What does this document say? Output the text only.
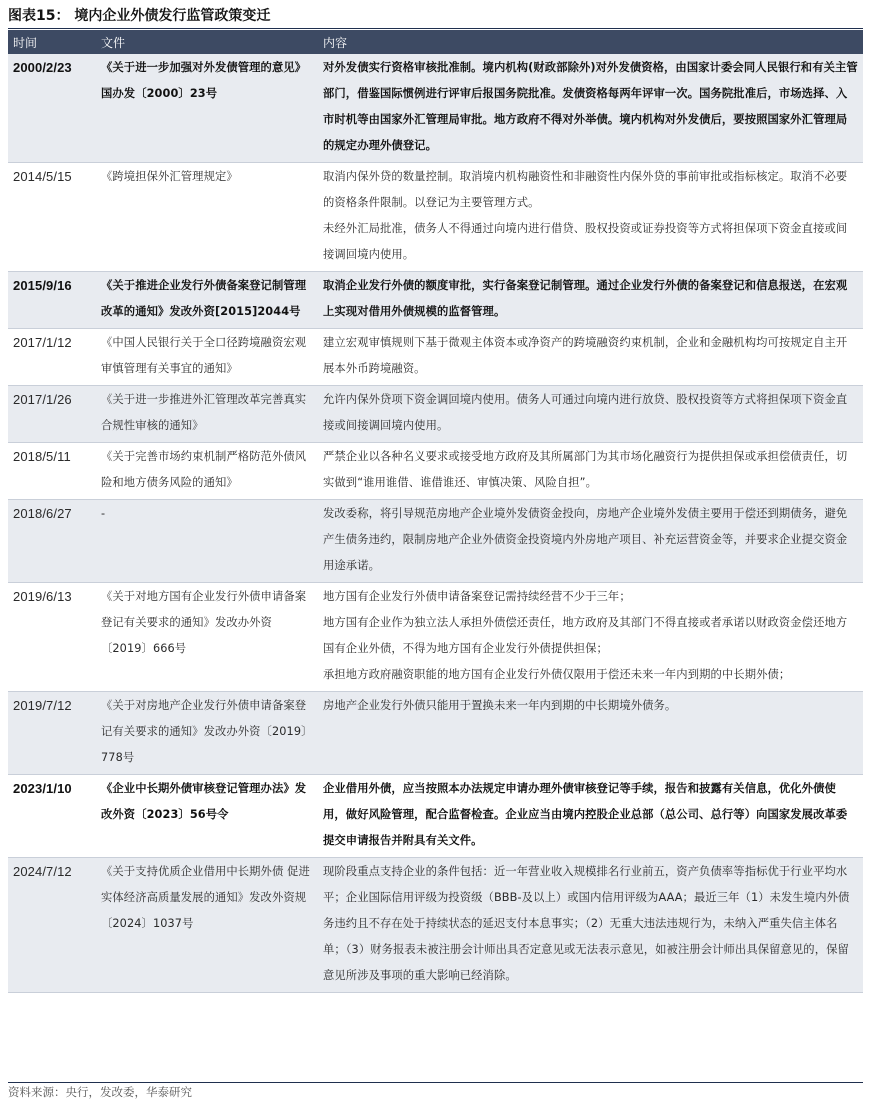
图表15： 境内企业外债发行监管政策变迁
时间	文件	内容
2000/2/23	《关于进一步加强对外发债管理的意见》国办发〔2000〕23号	对外发债实行资格审核批准制。境内机构(财政部除外)对外发债资格，由国家计委会同人民银行和有关主管部门，借鉴国际惯例进行评审后报国务院批准。发债资格每两年评审一次。国务院批准后，市场选择、入市时机等由国家外汇管理局审批。地方政府不得对外举债。境内机构对外发债后，要按照国家外汇管理局的规定办理外债登记。

2014/5/15	《跨境担保外汇管理规定》	取消内保外贷的数量控制。取消境内机构融资性和非融资性内保外贷的事前审批或指标核定。取消不必要的资格条件限制。以登记为主要管理方式。
未经外汇局批准，债务人不得通过向境内进行借贷、股权投资或证券投资等方式将担保项下资金直接或间接调回境内使用。

2015/9/16	《关于推进企业发行外债备案登记制管理改革的通知》发改外资[2015]2044号	取消企业发行外债的额度审批，实行备案登记制管理。通过企业发行外债的备案登记和信息报送，在宏观上实现对借用外债规模的监督管理。

2017/1/12	《中国人民银行关于全口径跨境融资宏观审慎管理有关事宜的通知》	建立宏观审慎规则下基于微观主体资本或净资产的跨境融资约束机制，企业和金融机构均可按规定自主开展本外币跨境融资。

2017/1/26	《关于进一步推进外汇管理改革完善真实合规性审核的通知》	允许内保外贷项下资金调回境内使用。债务人可通过向境内进行放贷、股权投资等方式将担保项下资金直接或间接调回境内使用。

2018/5/11	《关于完善市场约束机制严格防范外债风险和地方债务风险的通知》	严禁企业以各种名义要求或接受地方政府及其所属部门为其市场化融资行为提供担保或承担偿债责任，切实做到“谁用谁借、谁借谁还、审慎决策、风险自担”。

2018/6/27	-	发改委称，将引导规范房地产企业境外发债资金投向，房地产企业境外发债主要用于偿还到期债务，避免产生债务违约，限制房地产企业外债资金投资境内外房地产项目、补充运营资金等，并要求企业提交资金用途承诺。

2019/6/13	《关于对地方国有企业发行外债申请备案登记有关要求的通知》发改办外资〔2019〕666号	地方国有企业发行外债申请备案登记需持续经营不少于三年；
地方国有企业作为独立法人承担外债偿还责任，地方政府及其部门不得直接或者承诺以财政资金偿还地方国有企业外债，不得为地方国有企业发行外债提供担保；
承担地方政府融资职能的地方国有企业发行外债仅限用于偿还未来一年内到期的中长期外债；

2019/7/12	《关于对房地产企业发行外债申请备案登记有关要求的通知》发改办外资〔2019〕778号	房地产企业发行外债只能用于置换未来一年内到期的中长期境外债务。

2023/1/10	《企业中长期外债审核登记管理办法》发改外资〔2023〕56号令	企业借用外债，应当按照本办法规定申请办理外债审核登记等手续，报告和披露有关信息，优化外债使用，做好风险管理，配合监督检查。企业应当由境内控股企业总部（总公司、总行等）向国家发展改革委提交申请报告并附具有关文件。

2024/7/12	《关于支持优质企业借用中长期外债 促进实体经济高质量发展的通知》发改外资规〔2024〕1037号	现阶段重点支持企业的条件包括：近一年营业收入规模排名行业前五，资产负债率等指标优于行业平均水平；企业国际信用评级为投资级（BBB-及以上）或国内信用评级为AAA；最近三年（1）未发生境内外债务违约且不存在处于持续状态的延迟支付本息事实；（2）无重大违法违规行为，未纳入严重失信主体名单；（3）财务报表未被注册会计师出具否定意见或无法表示意见，如被注册会计师出具保留意见的，保留意见所涉及事项的重大影响已经消除。
资料来源：央行，发改委，华泰研究
